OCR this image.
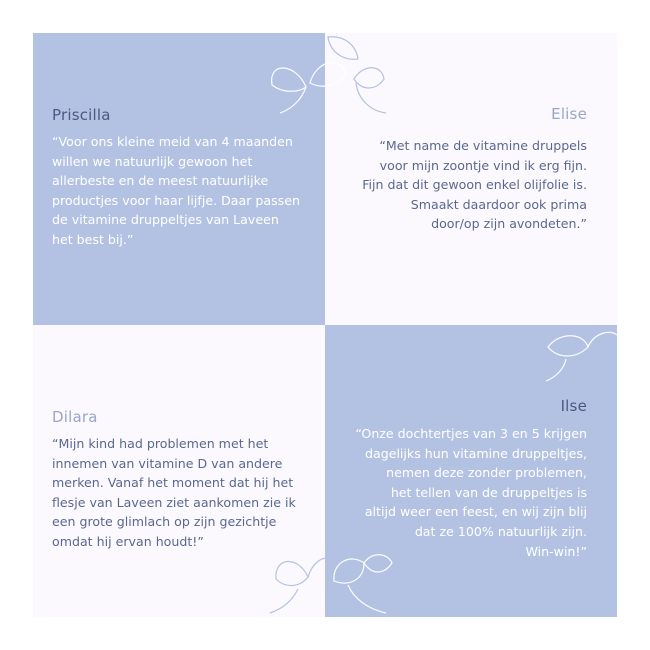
Priscilla

“Voor ons kleine meid van 4 maanden
willen we natuurlijk gewoon het
allerbeste en de meest natuurlijke
productjes voor haar lijfje. Daar passen
de vitamine druppeltjes van Laveen
het best bij.”

Elise

“Met name de vitamine druppels
voor mijn zoontje vind ik erg fijn.
Fijn dat dit gewoon enkel olijfolie is.
Smaakt daardoor ook prima
door/op zijn avondeten.”

Dilara

“Mijn kind had problemen met het
innemen van vitamine D van andere
merken. Vanaf het moment dat hij het
flesje van Laveen ziet aankomen zie ik
een grote glimlach op zijn gezichtje
omdat hij ervan houdt!”

Ilse

“Onze dochtertjes van 3 en 5 krijgen
dagelijks hun vitamine druppeltjes,
nemen deze zonder problemen,
het tellen van de druppeltjes is
altijd weer een feest, en wij zijn blij
dat ze 100% natuurlijk zijn.
Win-win!”
